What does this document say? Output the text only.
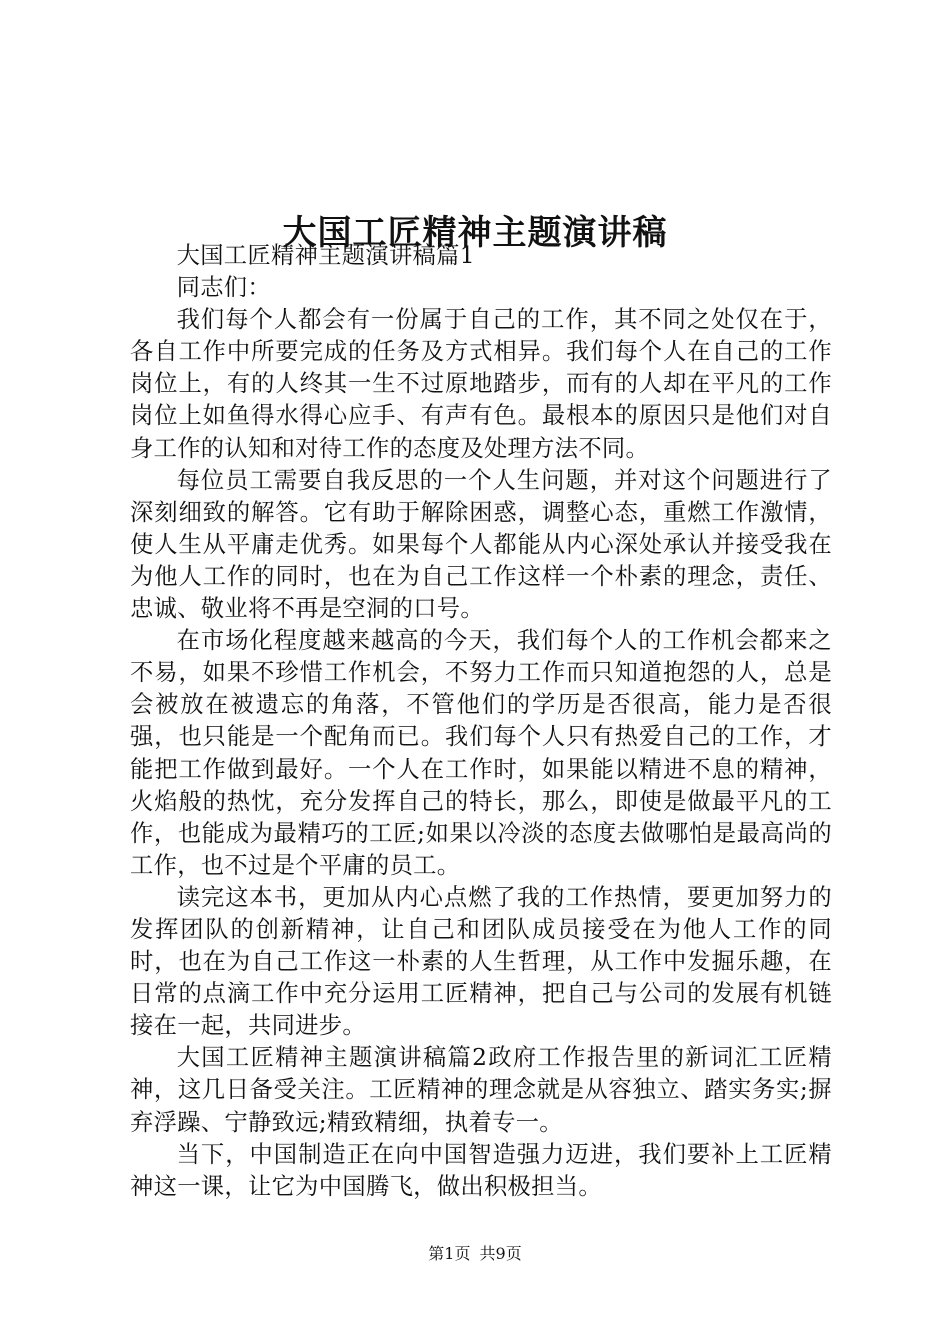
大国工匠精神主题演讲稿

大国工匠精神主题演讲稿篇1

同志们：

我们每个人都会有一份属于自己的工作，其不同之处仅在于，各自工作中所要完成的任务及方式相异。我们每个人在自己的工作岗位上，有的人终其一生不过原地踏步，而有的人却在平凡的工作岗位上如鱼得水得心应手、有声有色。最根本的原因只是他们对自身工作的认知和对待工作的态度及处理方法不同。

每位员工需要自我反思的一个人生问题，并对这个问题进行了深刻细致的解答。它有助于解除困惑，调整心态，重燃工作激情，使人生从平庸走优秀。如果每个人都能从内心深处承认并接受我在为他人工作的同时，也在为自己工作这样一个朴素的理念，责任、忠诚、敬业将不再是空洞的口号。

在市场化程度越来越高的今天，我们每个人的工作机会都来之不易，如果不珍惜工作机会，不努力工作而只知道抱怨的人，总是会被放在被遗忘的角落，不管他们的学历是否很高，能力是否很强，也只能是一个配角而已。我们每个人只有热爱自己的工作，才能把工作做到最好。一个人在工作时，如果能以精进不息的精神，火焰般的热忱，充分发挥自己的特长，那么，即使是做最平凡的工作，也能成为最精巧的工匠;如果以冷淡的态度去做哪怕是最高尚的工作，也不过是个平庸的员工。

读完这本书，更加从内心点燃了我的工作热情，要更加努力的发挥团队的创新精神，让自己和团队成员接受在为他人工作的同时，也在为自己工作这一朴素的人生哲理，从工作中发掘乐趣，在日常的点滴工作中充分运用工匠精神，把自己与公司的发展有机链接在一起，共同进步。

大国工匠精神主题演讲稿篇2政府工作报告里的新词汇工匠精神，这几日备受关注。工匠精神的理念就是从容独立、踏实务实;摒弃浮躁、宁静致远;精致精细，执着专一。

当下，中国制造正在向中国智造强力迈进，我们要补上工匠精神这一课，让它为中国腾飞，做出积极担当。

第1页 共9页
